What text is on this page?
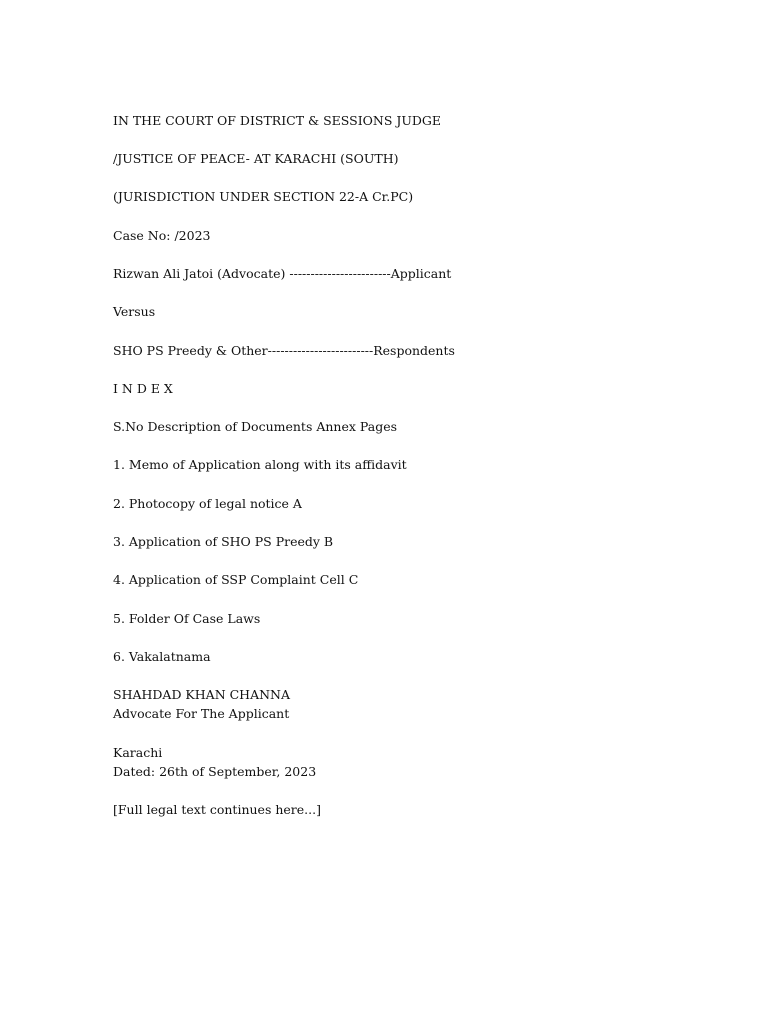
IN THE COURT OF DISTRICT & SESSIONS JUDGE
/JUSTICE OF PEACE- AT KARACHI (SOUTH)
(JURISDICTION UNDER SECTION 22-A Cr.PC)
Case No: /2023
Rizwan Ali Jatoi (Advocate) ------------------------Applicant
Versus
SHO PS Preedy & Other-------------------------Respondents
I N D E X
S.No Description of Documents Annex Pages
1. Memo of Application along with its affidavit
2. Photocopy of legal notice A
3. Application of SHO PS Preedy B
4. Application of SSP Complaint Cell C
5. Folder Of Case Laws
6. Vakalatnama
SHAHDAD KHAN CHANNA
Advocate For The Applicant
Karachi
Dated: 26th of September, 2023
[Full legal text continues here...]
